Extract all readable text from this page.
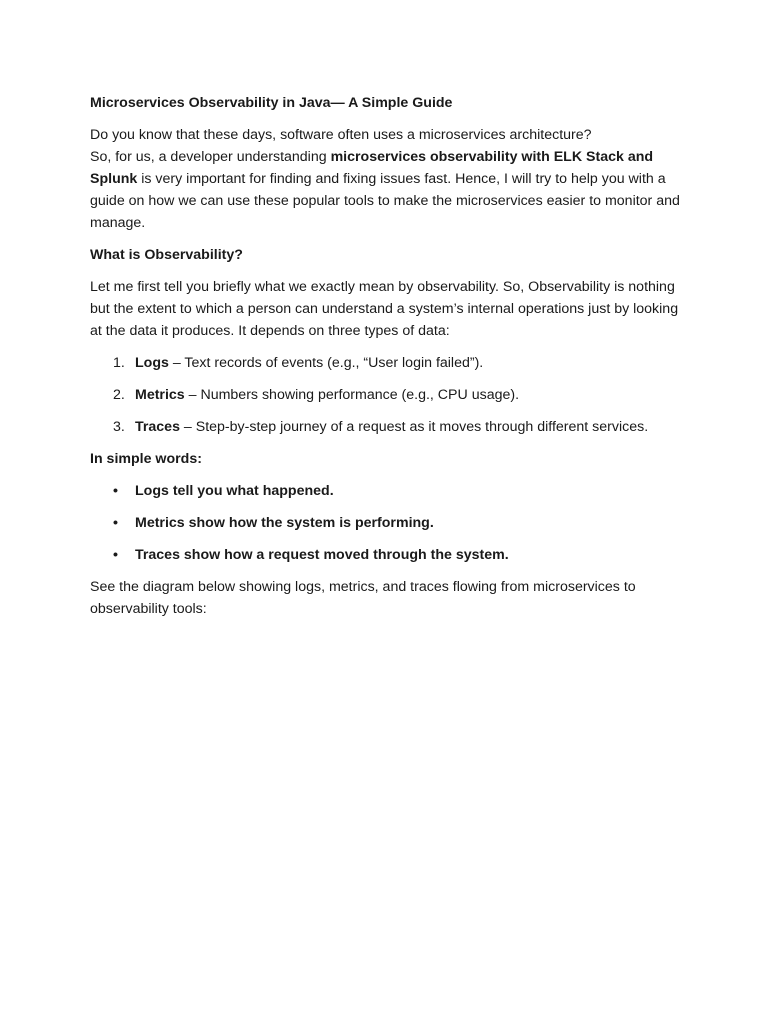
Microservices Observability in Java— A Simple Guide

Do you know that these days, software often uses a microservices architecture?
So, for us, a developer understanding microservices observability with ELK Stack and Splunk is very important for finding and fixing issues fast. Hence, I will try to help you with a guide on how we can use these popular tools to make the microservices easier to monitor and manage.

What is Observability?

Let me first tell you briefly what we exactly mean by observability. So, Observability is nothing but the extent to which a person can understand a system’s internal operations just by looking at the data it produces. It depends on three types of data:

1. Logs – Text records of events (e.g., “User login failed”).
2. Metrics – Numbers showing performance (e.g., CPU usage).
3. Traces – Step-by-step journey of a request as it moves through different services.
In simple words:
• Logs tell you what happened.
• Metrics show how the system is performing.
• Traces show how a request moved through the system.

See the diagram below showing logs, metrics, and traces flowing from microservices to observability tools:
